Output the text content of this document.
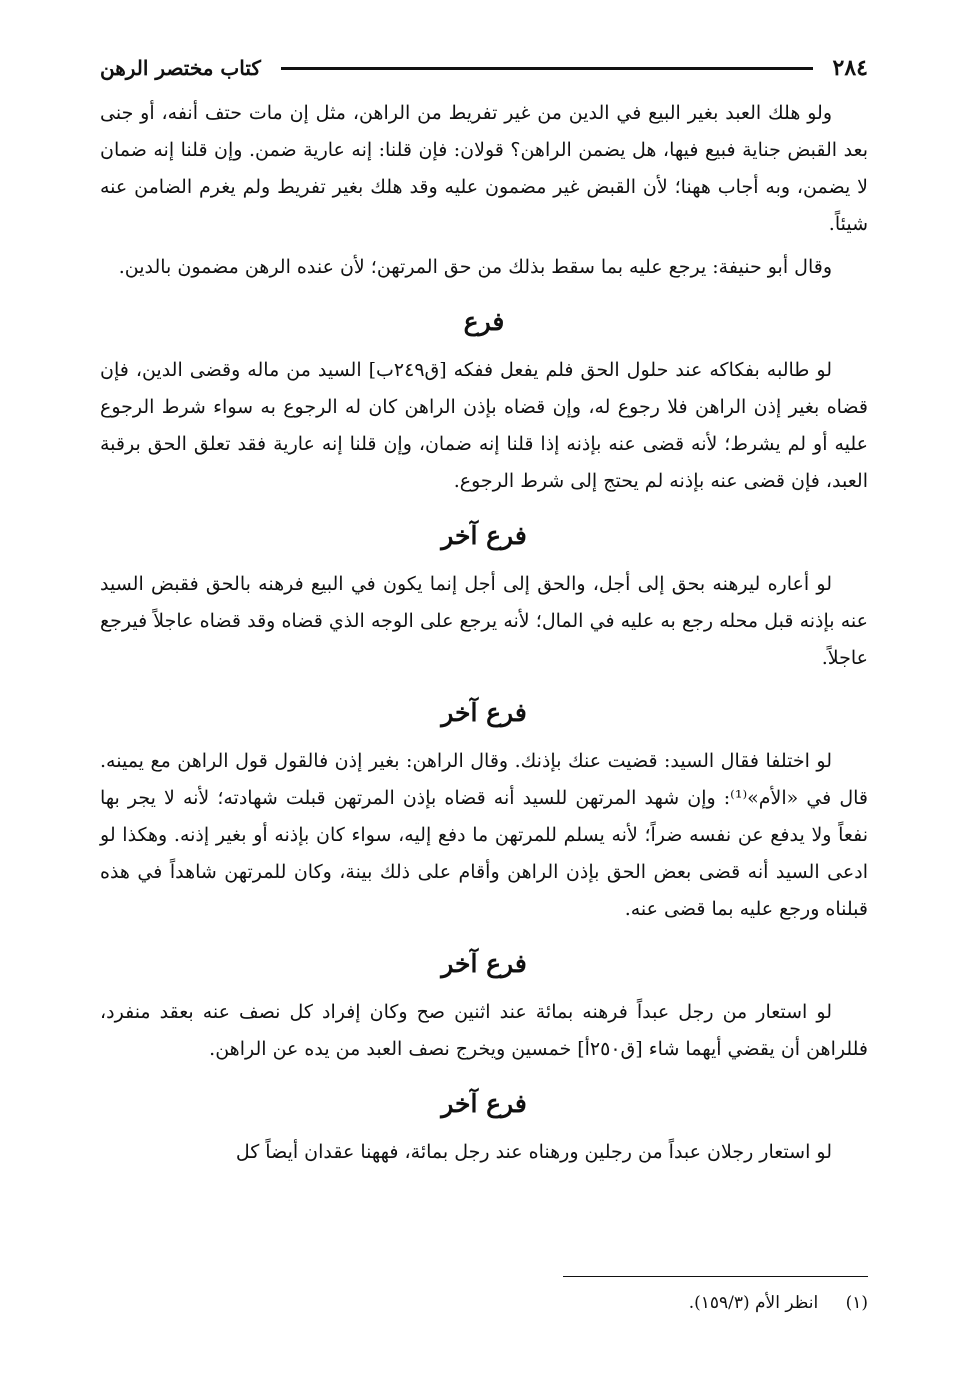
٢٨٤
كتاب مختصر الرهن

ولو هلك العبد بغير البيع في الدين من غير تفريط من الراهن، مثل إن مات حتف أنفه، أو جنى بعد القبض جناية فبيع فيها، هل يضمن الراهن؟ قولان: فإن قلنا: إنه عارية ضمن. وإن قلنا إنه ضمان لا يضمن، وبه أجاب ههنا؛ لأن القبض غير مضمون عليه وقد هلك بغير تفريط ولم يغرم الضامن عنه شيئاً.

وقال أبو حنيفة: يرجع عليه بما سقط بذلك من حق المرتهن؛ لأن عنده الرهن مضمون بالدين.

فرع

لو طالبه بفكاكه عند حلول الحق فلم يفعل ففكه [ق٢٤٩ب] السيد من ماله وقضى الدين، فإن قضاه بغير إذن الراهن فلا رجوع له، وإن قضاه بإذن الراهن كان له الرجوع به سواء شرط الرجوع عليه أو لم يشرط؛ لأنه قضى عنه بإذنه إذا قلنا إنه ضمان، وإن قلنا إنه عارية فقد تعلق الحق برقبة العبد، فإن قضى عنه بإذنه لم يحتج إلى شرط الرجوع.

فرع آخر

لو أعاره ليرهنه بحق إلى أجل، والحق إلى أجل إنما يكون في البيع فرهنه بالحق فقبض السيد عنه بإذنه قبل محله رجع به عليه في المال؛ لأنه يرجع على الوجه الذي قضاه وقد قضاه عاجلاً فيرجع عاجلاً.

فرع آخر

لو اختلفا فقال السيد: قضيت عنك بإذنك. وقال الراهن: بغير إذن فالقول قول الراهن مع يمينه. قال في «الأم»⁽¹⁾: وإن شهد المرتهن للسيد أنه قضاه بإذن المرتهن قبلت شهادته؛ لأنه لا يجر بها نفعاً ولا يدفع عن نفسه ضراً؛ لأنه يسلم للمرتهن ما دفع إليه، سواء كان بإذنه أو بغير إذنه. وهكذا لو ادعى السيد أنه قضى بعض الحق بإذن الراهن وأقام على ذلك بينة، وكان للمرتهن شاهداً في هذه قبلناه ورجع عليه بما قضى عنه.

فرع آخر

لو استعار من رجل عبداً فرهنه بمائة عند اثنين صح وكان إفراد كل نصف عنه بعقد منفرد، فللراهن أن يقضي أيهما شاء [ق٢٥٠أ] خمسين ويخرج نصف العبد من يده عن الراهن.

فرع آخر

لو استعار رجلان عبداً من رجلين ورهناه عند رجل بمائة، فههنا عقدان أيضاً كل

(١) انظر الأم (١٥٩/٣).
